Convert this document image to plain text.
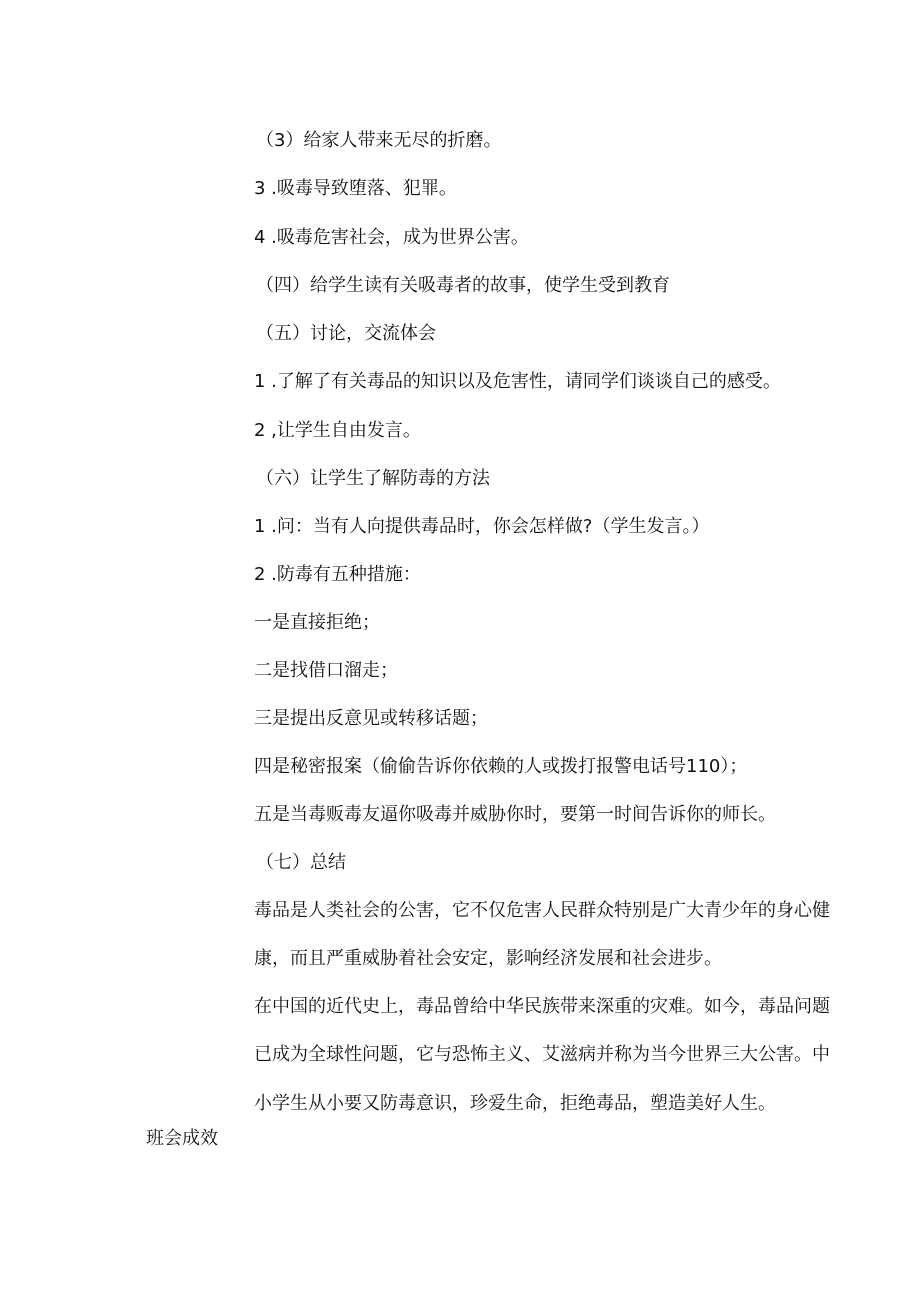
（3）给家人带来无尽的折磨。
3 .吸毒导致堕落、犯罪。
4 .吸毒危害社会，成为世界公害。
（四）给学生读有关吸毒者的故事，使学生受到教育
（五）讨论，交流体会
1 .了解了有关毒品的知识以及危害性，请同学们谈谈自己的感受。
2 ,让学生自由发言。
（六）让学生了解防毒的方法
1 .问：当有人向提供毒品时，你会怎样做?（学生发言。）
2 .防毒有五种措施：
一是直接拒绝；
二是找借口溜走；
三是提出反意见或转移话题；
四是秘密报案（偷偷告诉你依赖的人或拨打报警电话号110）；
五是当毒贩毒友逼你吸毒并威胁你时，要第一时间告诉你的师长。
（七）总结
毒品是人类社会的公害，它不仅危害人民群众特别是广大青少年的身心健
康，而且严重威胁着社会安定，影响经济发展和社会进步。
在中国的近代史上，毒品曾给中华民族带来深重的灾难。如今，毒品问题
已成为全球性问题，它与恐怖主义、艾滋病并称为当今世界三大公害。中
小学生从小要又防毒意识，珍爱生命，拒绝毒品，塑造美好人生。
班会成效
